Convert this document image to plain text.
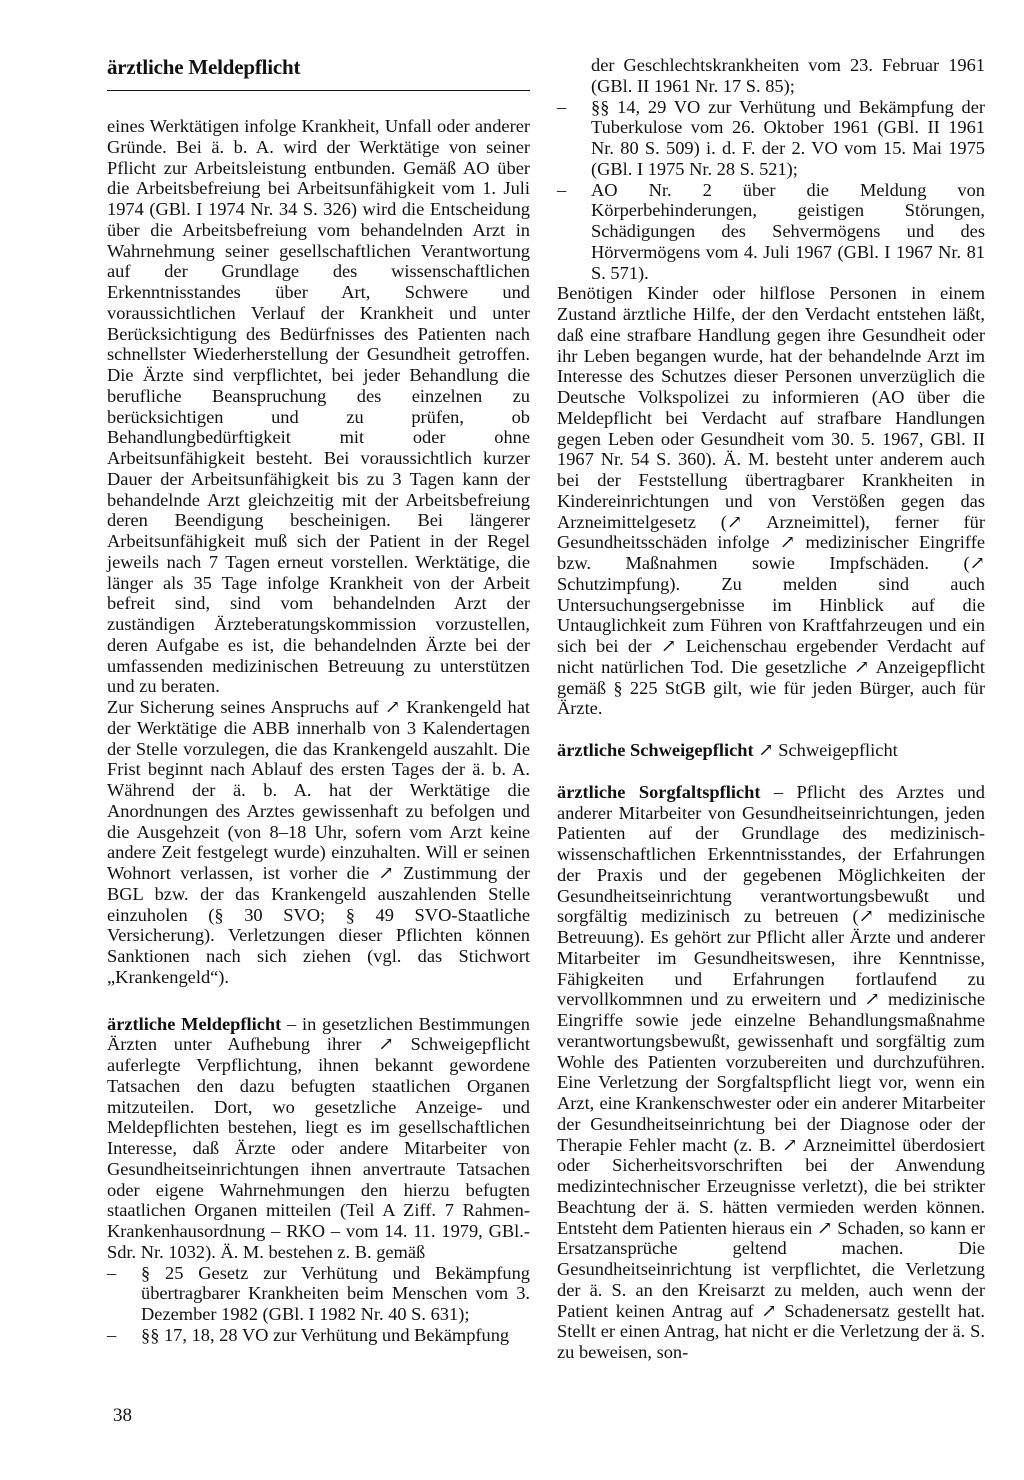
ärztliche Meldepflicht

eines Werktätigen infolge Krankheit, Unfall oder anderer Gründe. Bei ä. b. A. wird der Werktätige von seiner Pflicht zur Arbeitsleistung entbunden. Gemäß AO über die Arbeitsbefreiung bei Arbeitsunfähigkeit vom 1. Juli 1974 (GBl. I 1974 Nr. 34 S. 326) wird die Entscheidung über die Arbeitsbefreiung vom behandelnden Arzt in Wahrnehmung seiner gesellschaftlichen Verantwortung auf der Grundlage des wissenschaftlichen Erkenntnisstandes über Art, Schwere und voraussichtlichen Verlauf der Krankheit und unter Berücksichtigung des Bedürfnisses des Patienten nach schnellster Wiederherstellung der Gesundheit getroffen. Die Ärzte sind verpflichtet, bei jeder Behandlung die berufliche Beanspruchung des einzelnen zu berücksichtigen und zu prüfen, ob Behandlungbedürftigkeit mit oder ohne Arbeitsunfähigkeit besteht. Bei voraussichtlich kurzer Dauer der Arbeitsunfähigkeit bis zu 3 Tagen kann der behandelnde Arzt gleichzeitig mit der Arbeitsbefreiung deren Beendigung bescheinigen. Bei längerer Arbeitsunfähigkeit muß sich der Patient in der Regel jeweils nach 7 Tagen erneut vorstellen. Werktätige, die länger als 35 Tage infolge Krankheit von der Arbeit befreit sind, sind vom behandelnden Arzt der zuständigen Ärzteberatungskommission vorzustellen, deren Aufgabe es ist, die behandelnden Ärzte bei der umfassenden medizinischen Betreuung zu unterstützen und zu beraten.

Zur Sicherung seines Anspruchs auf ↗ Krankengeld hat der Werktätige die ABB innerhalb von 3 Kalendertagen der Stelle vorzulegen, die das Krankengeld auszahlt. Die Frist beginnt nach Ablauf des ersten Tages der ä. b. A. Während der ä. b. A. hat der Werktätige die Anordnungen des Arztes gewissenhaft zu befolgen und die Ausgehzeit (von 8–18 Uhr, sofern vom Arzt keine andere Zeit festgelegt wurde) einzuhalten. Will er seinen Wohnort verlassen, ist vorher die ↗ Zustimmung der BGL bzw. der das Krankengeld auszahlenden Stelle einzuholen (§ 30 SVO; § 49 SVO-Staatliche Versicherung). Verletzungen dieser Pflichten können Sanktionen nach sich ziehen (vgl. das Stichwort „Krankengeld“).

ärztliche Meldepflicht – in gesetzlichen Bestimmungen Ärzten unter Aufhebung ihrer ↗ Schweigepflicht auferlegte Verpflichtung, ihnen bekannt gewordene Tatsachen den dazu befugten staatlichen Organen mitzuteilen. Dort, wo gesetzliche Anzeige- und Meldepflichten bestehen, liegt es im gesellschaftlichen Interesse, daß Ärzte oder andere Mitarbeiter von Gesundheitseinrichtungen ihnen anvertraute Tatsachen oder eigene Wahrnehmungen den hierzu befugten staatlichen Organen mitteilen (Teil A Ziff. 7 Rahmen-Krankenhausordnung – RKO – vom 14. 11. 1979, GBl.-Sdr. Nr. 1032). Ä. M. bestehen z. B. gemäß

– § 25 Gesetz zur Verhütung und Bekämpfung übertragbarer Krankheiten beim Menschen vom 3. Dezember 1982 (GBl. I 1982 Nr. 40 S. 631);

– §§ 17, 18, 28 VO zur Verhütung und Bekämpfung

der Geschlechtskrankheiten vom 23. Februar 1961 (GBl. II 1961 Nr. 17 S. 85);

– §§ 14, 29 VO zur Verhütung und Bekämpfung der Tuberkulose vom 26. Oktober 1961 (GBl. II 1961 Nr. 80 S. 509) i. d. F. der 2. VO vom 15. Mai 1975 (GBl. I 1975 Nr. 28 S. 521);

– AO Nr. 2 über die Meldung von Körperbehinderungen, geistigen Störungen, Schädigungen des Sehvermögens und des Hörvermögens vom 4. Juli 1967 (GBl. I 1967 Nr. 81 S. 571).

Benötigen Kinder oder hilflose Personen in einem Zustand ärztliche Hilfe, der den Verdacht entstehen läßt, daß eine strafbare Handlung gegen ihre Gesundheit oder ihr Leben begangen wurde, hat der behandelnde Arzt im Interesse des Schutzes dieser Personen unverzüglich die Deutsche Volkspolizei zu informieren (AO über die Meldepflicht bei Verdacht auf strafbare Handlungen gegen Leben oder Gesundheit vom 30. 5. 1967, GBl. II 1967 Nr. 54 S. 360). Ä. M. besteht unter anderem auch bei der Feststellung übertragbarer Krankheiten in Kindereinrichtungen und von Verstößen gegen das Arzneimittelgesetz (↗ Arzneimittel), ferner für Gesundheitsschäden infolge ↗ medizinischer Eingriffe bzw. Maßnahmen sowie Impfschäden. (↗ Schutzimpfung). Zu melden sind auch Untersuchungsergebnisse im Hinblick auf die Untauglichkeit zum Führen von Kraftfahrzeugen und ein sich bei der ↗ Leichenschau ergebender Verdacht auf nicht natürlichen Tod. Die gesetzliche ↗ Anzeigepflicht gemäß § 225 StGB gilt, wie für jeden Bürger, auch für Ärzte.

ärztliche Schweigepflicht ↗ Schweigepflicht

ärztliche Sorgfaltspflicht – Pflicht des Arztes und anderer Mitarbeiter von Gesundheitseinrichtungen, jeden Patienten auf der Grundlage des medizinisch-wissenschaftlichen Erkenntnisstandes, der Erfahrungen der Praxis und der gegebenen Möglichkeiten der Gesundheitseinrichtung verantwortungsbewußt und sorgfältig medizinisch zu betreuen (↗ medizinische Betreuung). Es gehört zur Pflicht aller Ärzte und anderer Mitarbeiter im Gesundheitswesen, ihre Kenntnisse, Fähigkeiten und Erfahrungen fortlaufend zu vervollkommnen und zu erweitern und ↗ medizinische Eingriffe sowie jede einzelne Behandlungsmaßnahme verantwortungsbewußt, gewissenhaft und sorgfältig zum Wohle des Patienten vorzubereiten und durchzuführen. Eine Verletzung der Sorgfaltspflicht liegt vor, wenn ein Arzt, eine Krankenschwester oder ein anderer Mitarbeiter der Gesundheitseinrichtung bei der Diagnose oder der Therapie Fehler macht (z. B. ↗ Arzneimittel überdosiert oder Sicherheitsvorschriften bei der Anwendung medizintechnischer Erzeugnisse verletzt), die bei strikter Beachtung der ä. S. hätten vermieden werden können. Entsteht dem Patienten hieraus ein ↗ Schaden, so kann er Ersatzansprüche geltend machen. Die Gesundheitseinrichtung ist verpflichtet, die Verletzung der ä. S. an den Kreisarzt zu melden, auch wenn der Patient keinen Antrag auf ↗ Schadenersatz gestellt hat. Stellt er einen Antrag, hat nicht er die Verletzung der ä. S. zu beweisen, son-

38
